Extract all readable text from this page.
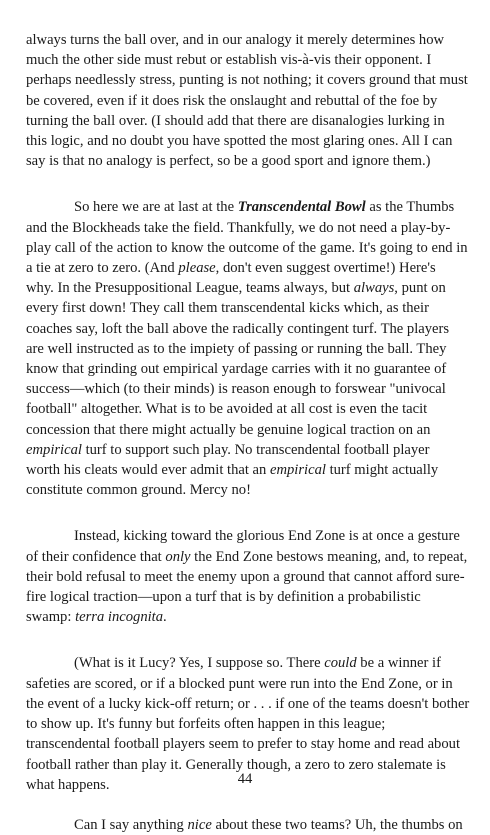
always turns the ball over, and in our analogy it merely determines how
much the other side must rebut or establish vis-à-vis their opponent. I
perhaps needlessly stress, punting is not nothing; it covers ground that must
be covered, even if it does risk the onslaught and rebuttal of the foe by
turning the ball over. (I should add that there are disanalogies lurking in
this logic, and no doubt you have spotted the most glaring ones. All I can
say is that no analogy is perfect, so be a good sport and ignore them.)

So here we are at last at the Transcendental Bowl as the Thumbs
and the Blockheads take the field. Thankfully, we do not need a play-by-
play call of the action to know the outcome of the game. It's going to end in
a tie at zero to zero. (And please, don't even suggest overtime!) Here's
why. In the Presuppositional League, teams always, but always, punt on
every first down! They call them transcendental kicks which, as their
coaches say, loft the ball above the radically contingent turf. The players
are well instructed as to the impiety of passing or running the ball. They
know that grinding out empirical yardage carries with it no guarantee of
success—which (to their minds) is reason enough to forswear "univocal
football" altogether. What is to be avoided at all cost is even the tacit
concession that there might actually be genuine logical traction on an
empirical turf to support such play. No transcendental football player
worth his cleats would ever admit that an empirical turf might actually
constitute common ground. Mercy no!

Instead, kicking toward the glorious End Zone is at once a gesture
of their confidence that only the End Zone bestows meaning, and, to repeat,
their bold refusal to meet the enemy upon a ground that cannot afford sure-
fire logical traction—upon a turf that is by definition a probabilistic
swamp: terra incognita.

(What is it Lucy? Yes, I suppose so. There could be a winner if
safeties are scored, or if a blocked punt were run into the End Zone, or in
the event of a lucky kick-off return; or . . . if one of the teams doesn't bother
to show up. It's funny but forfeits often happen in this league;
transcendental football players seem to prefer to stay home and read about
football rather than play it. Generally though, a zero to zero stalemate is
what happens.

Can I say anything nice about these two teams? Uh, the thumbs on

44
